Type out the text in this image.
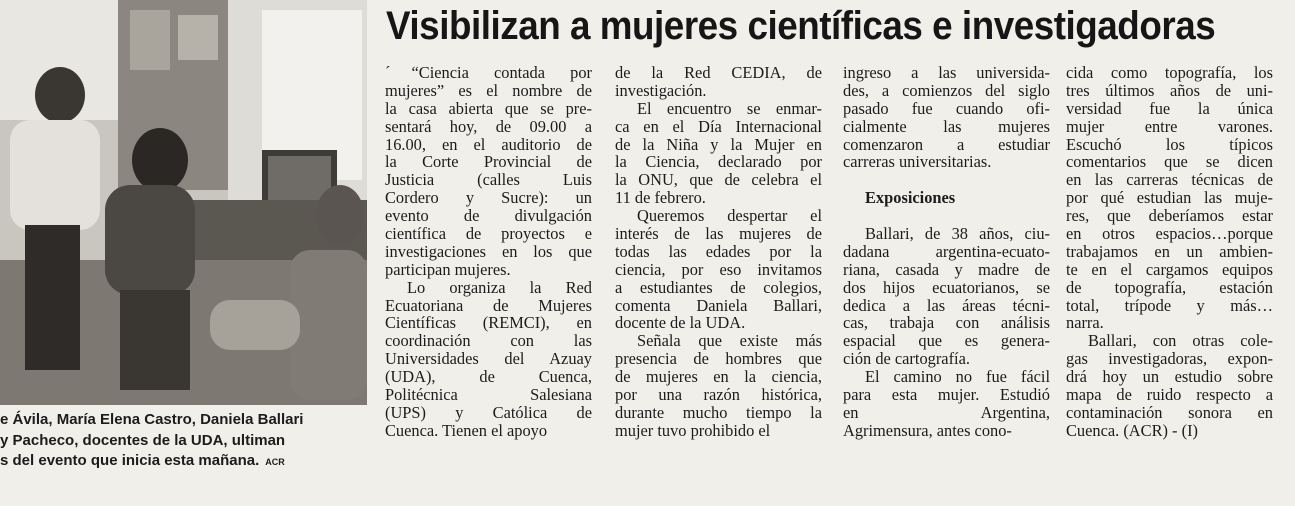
e Ávila, María Elena Castro, Daniela Ballari
y Pacheco, docentes de la UDA, ultiman
s del evento que inicia esta mañana. ACR
Visibilizan a mujeres científicas e investigadoras
ˊ“Ciencia contada por
mujeres” es el nombre de
la casa abierta que se pre-
sentará hoy, de 09.00 a
16.00, en el auditorio de
la Corte Provincial de
Justicia (calles Luis
Cordero y Sucre): un
evento de divulgación
científica de proyectos e
investigaciones en los que
participan mujeres.
Lo organiza la Red
Ecuatoriana de Mujeres
Científicas (REMCI), en
coordinación con las
Universidades del Azuay
(UDA), de Cuenca,
Politécnica Salesiana
(UPS) y Católica de
Cuenca. Tienen el apoyo
de la Red CEDIA, de
investigación.
El encuentro se enmar-
ca en el Día Internacional
de la Niña y la Mujer en
la Ciencia, declarado por
la ONU, que de celebra el
11 de febrero.
Queremos despertar el
interés de las mujeres de
todas las edades por la
ciencia, por eso invitamos
a estudiantes de colegios,
comenta Daniela Ballari,
docente de la UDA.
Señala que existe más
presencia de hombres que
de mujeres en la ciencia,
por una razón histórica,
durante mucho tiempo la
mujer tuvo prohibido el
ingreso a las universida-
des, a comienzos del siglo
pasado fue cuando ofi-
cialmente las mujeres
comenzaron a estudiar
carreras universitarias.
Exposiciones
Ballari, de 38 años, ciu-
dadana argentina-ecuato-
riana, casada y madre de
dos hijos ecuatorianos, se
dedica a las áreas técni-
cas, trabaja con análisis
espacial que es genera-
ción de cartografía.
El camino no fue fácil
para esta mujer. Estudió
en Argentina,
Agrimensura, antes cono-
cida como topografía, los
tres últimos años de uni-
versidad fue la única
mujer entre varones.
Escuchó los típicos
comentarios que se dicen
en las carreras técnicas de
por qué estudian las muje-
res, que deberíamos estar
en otros espacios…porque
trabajamos en un ambien-
te en el cargamos equipos
de topografía, estación
total, trípode y más…
narra.
Ballari, con otras cole-
gas investigadoras, expon-
drá hoy un estudio sobre
mapa de ruido respecto a
contaminación sonora en
Cuenca. (ACR) - (I)
